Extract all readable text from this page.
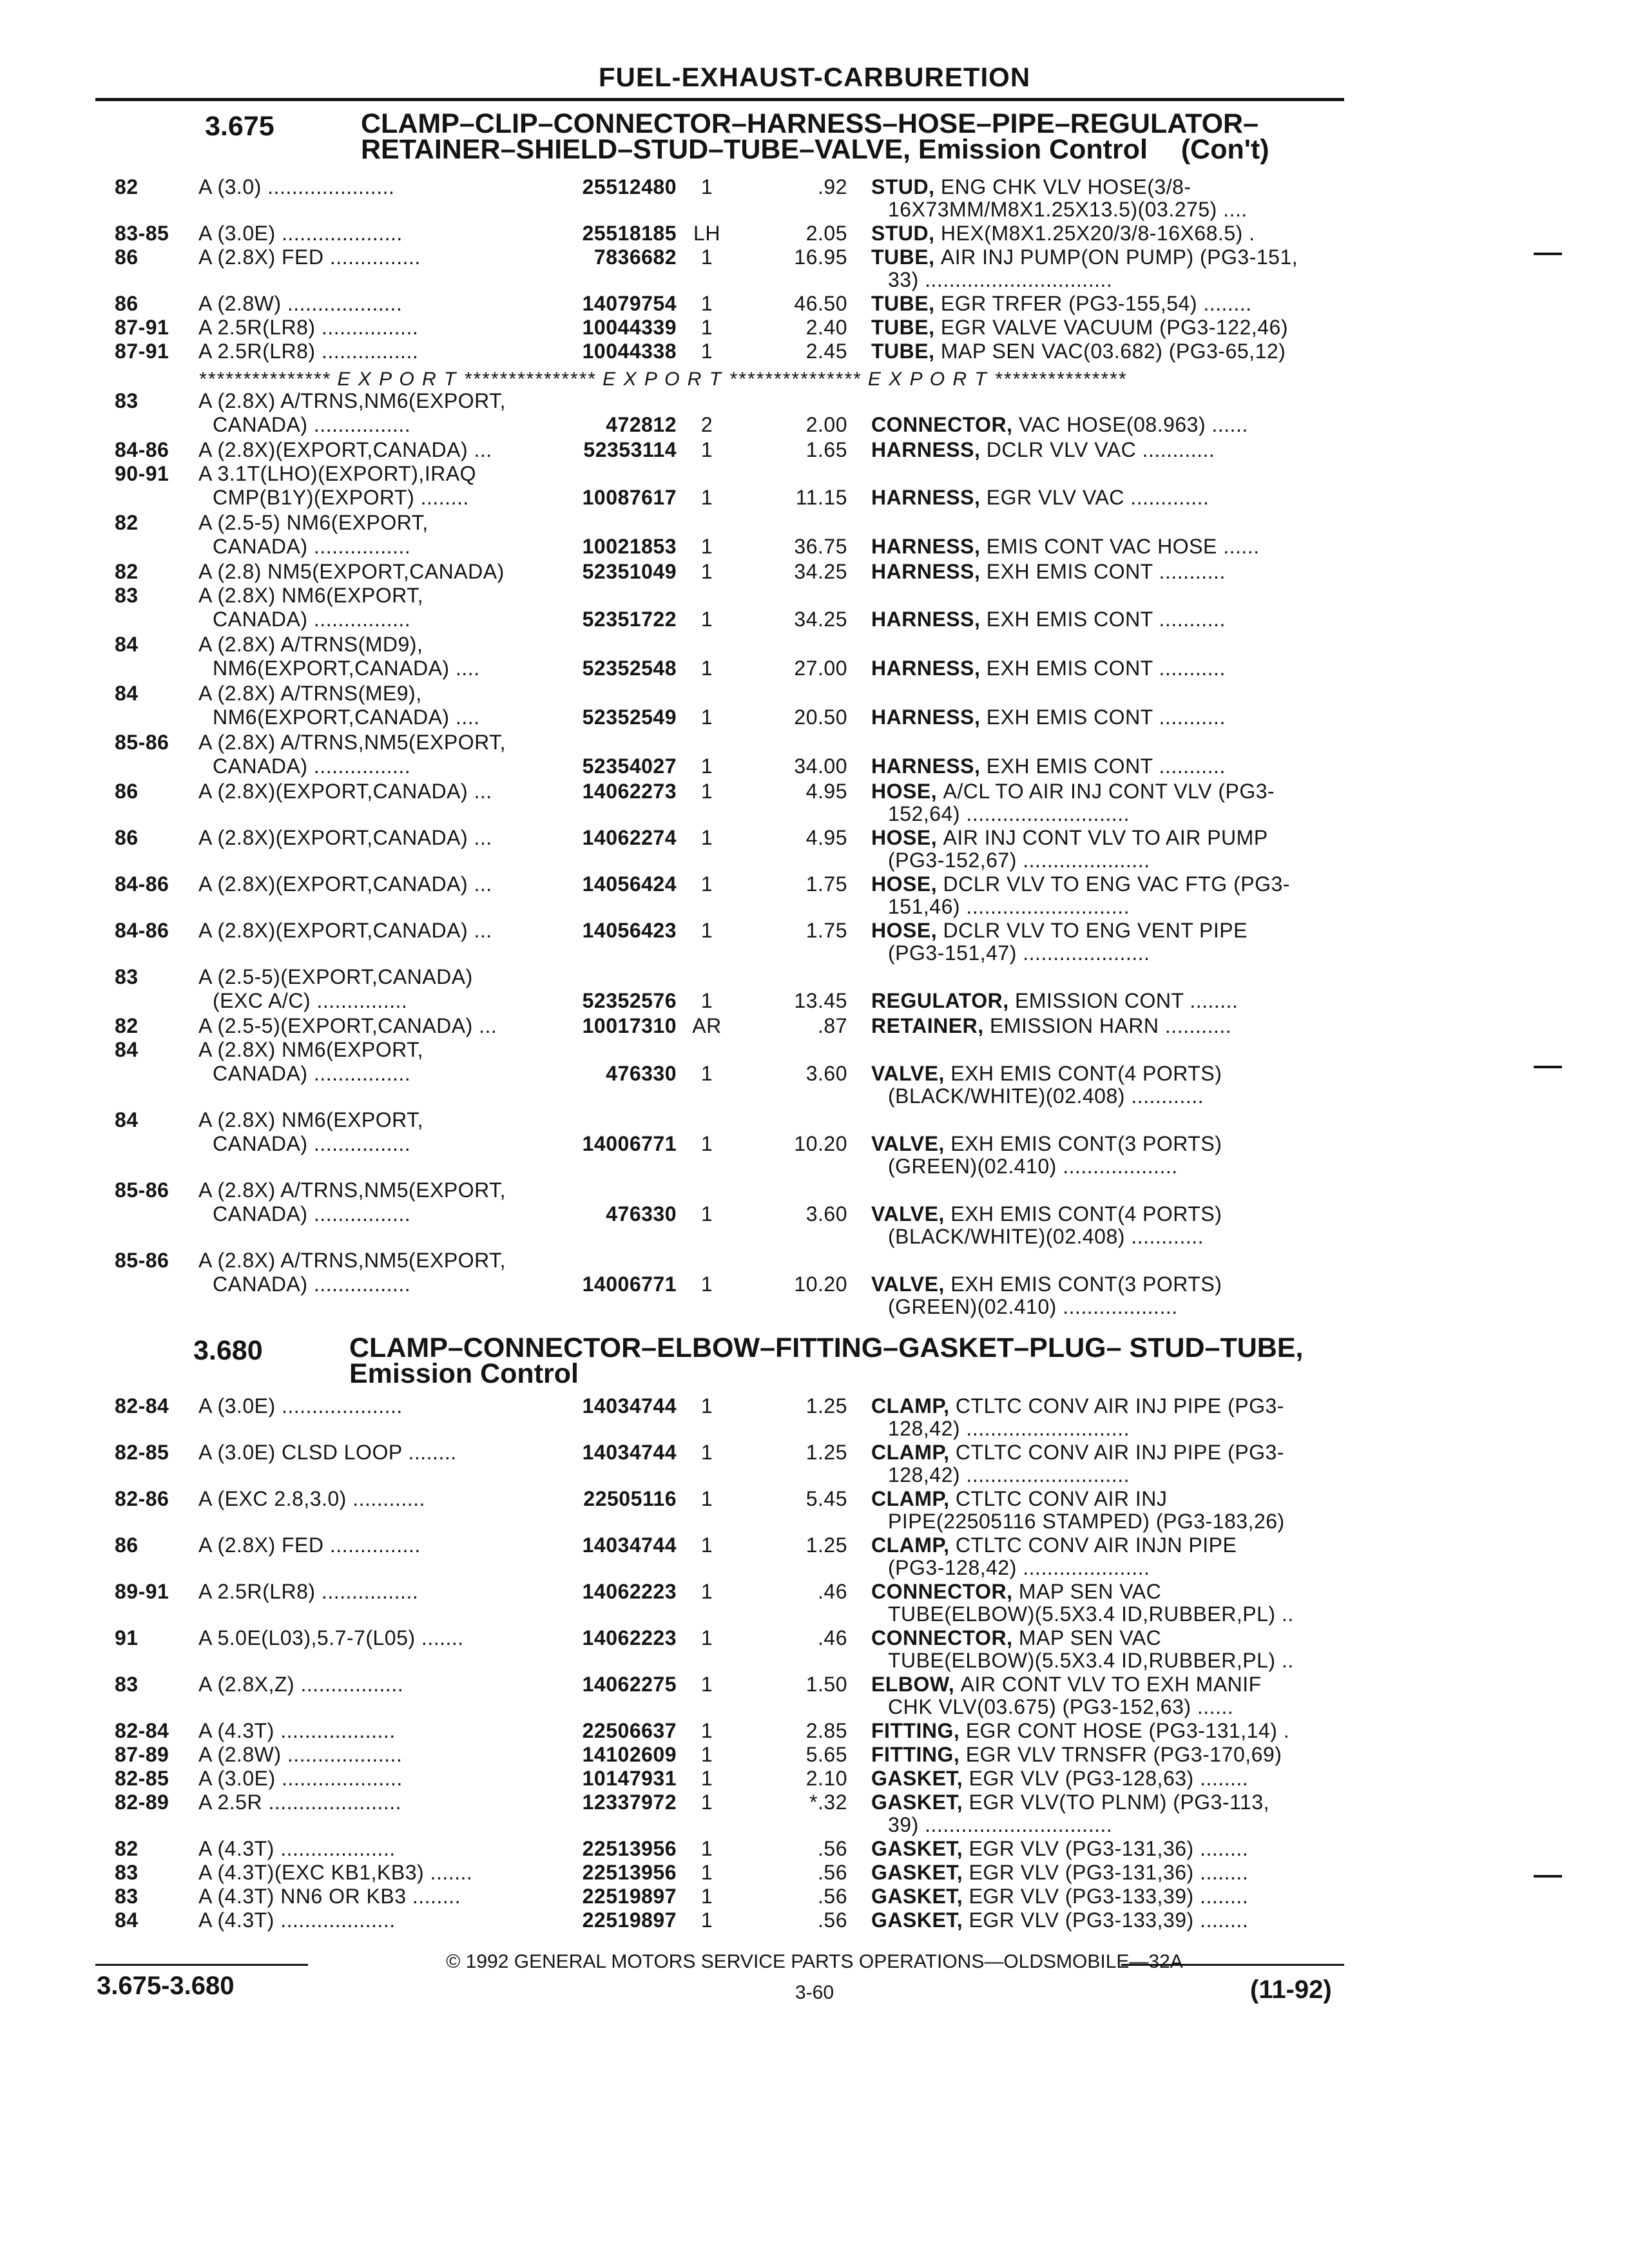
FUEL-EXHAUST-CARBURETION
3.675	CLAMP–CLIP–CONNECTOR–HARNESS–HOSE–PIPE–REGULATOR–
RETAINER–SHIELD–STUD–TUBE–VALVE, Emission Control (Con't)
82	A (3.0) .....................	25512480	1	.92 STUD, ENG CHK VLV HOSE(3/8-
16X73MM/M8X1.25X13.5)(03.275) ....
83-85 A (3.0E) ....................	25518185 LH	2.05 STUD, HEX(M8X1.25X20/3/8-16X68.5) .
86	A (2.8X) FED ...............	7836682	1	16.95 TUBE, AIR INJ PUMP(ON PUMP) (PG3-151,
33) ...............................
86	A (2.8W) ...................	14079754	1	46.50 TUBE, EGR TRFER (PG3-155,54) ........
87-91 A 2.5R(LR8) ................	10044339	1	2.40 TUBE, EGR VALVE VACUUM (PG3-122,46)
87-91 A 2.5R(LR8) ................	10044338	1	2.45 TUBE, MAP SEN VAC(03.682) (PG3-65,12)
*************** E X P O R T *************** E X P O R T *************** E X P O R T ***************
83	A (2.8X) A/TRNS,NM6(EXPORT,
CANADA) ................	472812	2	2.00 CONNECTOR, VAC HOSE(08.963) ......
84-86 A (2.8X)(EXPORT,CANADA) ...	52353114	1	1.65 HARNESS, DCLR VLV VAC ............
90-91 A 3.1T(LHO)(EXPORT),IRAQ
CMP(B1Y)(EXPORT) ........	10087617	1	11.15 HARNESS, EGR VLV VAC .............
82	A (2.5-5) NM6(EXPORT,
CANADA) ................	10021853	1	36.75 HARNESS, EMIS CONT VAC HOSE ......
82	A (2.8) NM5(EXPORT,CANADA)	52351049	1	34.25 HARNESS, EXH EMIS CONT ...........
83	A (2.8X) NM6(EXPORT,
CANADA) ................	52351722	1	34.25 HARNESS, EXH EMIS CONT ...........
84	A (2.8X) A/TRNS(MD9),
NM6(EXPORT,CANADA) ....	52352548	1	27.00 HARNESS, EXH EMIS CONT ...........
84	A (2.8X) A/TRNS(ME9),
NM6(EXPORT,CANADA) ....	52352549	1	20.50 HARNESS, EXH EMIS CONT ...........
85-86 A (2.8X) A/TRNS,NM5(EXPORT,
CANADA) ................	52354027	1	34.00 HARNESS, EXH EMIS CONT ...........
86	A (2.8X)(EXPORT,CANADA) ...	14062273	1	4.95 HOSE, A/CL TO AIR INJ CONT VLV (PG3-
152,64) ...........................
86	A (2.8X)(EXPORT,CANADA) ...	14062274	1	4.95 HOSE, AIR INJ CONT VLV TO AIR PUMP
(PG3-152,67) .....................
84-86 A (2.8X)(EXPORT,CANADA) ...	14056424	1	1.75 HOSE, DCLR VLV TO ENG VAC FTG (PG3-
151,46) ...........................
84-86 A (2.8X)(EXPORT,CANADA) ...	14056423	1	1.75 HOSE, DCLR VLV TO ENG VENT PIPE
(PG3-151,47) .....................
83	A (2.5-5)(EXPORT,CANADA)
(EXC A/C) ...............	52352576	1	13.45 REGULATOR, EMISSION CONT ........
82	A (2.5-5)(EXPORT,CANADA) ...	10017310 AR	.87 RETAINER, EMISSION HARN ...........
84	A (2.8X) NM6(EXPORT,
CANADA) ................	476330	1	3.60 VALVE, EXH EMIS CONT(4 PORTS)
(BLACK/WHITE)(02.408) ............
84	A (2.8X) NM6(EXPORT,
CANADA) ................	14006771	1	10.20 VALVE, EXH EMIS CONT(3 PORTS)
(GREEN)(02.410) ...................
85-86 A (2.8X) A/TRNS,NM5(EXPORT,
CANADA) ................	476330	1	3.60 VALVE, EXH EMIS CONT(4 PORTS)
(BLACK/WHITE)(02.408) ............
85-86 A (2.8X) A/TRNS,NM5(EXPORT,
CANADA) ................	14006771	1	10.20 VALVE, EXH EMIS CONT(3 PORTS)
(GREEN)(02.410) ...................
3.680	CLAMP–CONNECTOR–ELBOW–FITTING–GASKET–PLUG– STUD–TUBE,
Emission Control
82-84 A (3.0E) ....................	14034744	1	1.25 CLAMP, CTLTC CONV AIR INJ PIPE (PG3-
128,42) ...........................
82-85 A (3.0E) CLSD LOOP ........	14034744	1	1.25 CLAMP, CTLTC CONV AIR INJ PIPE (PG3-
128,42) ...........................
82-86 A (EXC 2.8,3.0) ............	22505116	1	5.45 CLAMP, CTLTC CONV AIR INJ
PIPE(22505116 STAMPED) (PG3-183,26)
86	A (2.8X) FED ...............	14034744	1	1.25 CLAMP, CTLTC CONV AIR INJN PIPE
(PG3-128,42) .....................
89-91 A 2.5R(LR8) ................	14062223	1	.46 CONNECTOR, MAP SEN VAC
TUBE(ELBOW)(5.5X3.4 ID,RUBBER,PL) ..
91	A 5.0E(L03),5.7-7(L05) .......	14062223	1	.46 CONNECTOR, MAP SEN VAC
TUBE(ELBOW)(5.5X3.4 ID,RUBBER,PL) ..
83	A (2.8X,Z) .................	14062275	1	1.50 ELBOW, AIR CONT VLV TO EXH MANIF
CHK VLV(03.675) (PG3-152,63) ......
82-84 A (4.3T) ...................	22506637	1	2.85 FITTING, EGR CONT HOSE (PG3-131,14) .
87-89 A (2.8W) ...................	14102609	1	5.65 FITTING, EGR VLV TRNSFR (PG3-170,69)
82-85 A (3.0E) ....................	10147931	1	2.10 GASKET, EGR VLV (PG3-128,63) ........
82-89 A 2.5R ......................	12337972	1	*.32 GASKET, EGR VLV(TO PLNM) (PG3-113,
39) ...............................
82	A (4.3T) ...................	22513956	1	.56 GASKET, EGR VLV (PG3-131,36) ........
83	A (4.3T)(EXC KB1,KB3) .......	22513956	1	.56 GASKET, EGR VLV (PG3-131,36) ........
83	A (4.3T) NN6 OR KB3 ........	22519897	1	.56 GASKET, EGR VLV (PG3-133,39) ........
84	A (4.3T) ...................	22519897	1	.56 GASKET, EGR VLV (PG3-133,39) ........
© 1992 GENERAL MOTORS SERVICE PARTS OPERATIONS—OLDSMOBILE—32A
3.675-3.680	3-60	(11-92)
